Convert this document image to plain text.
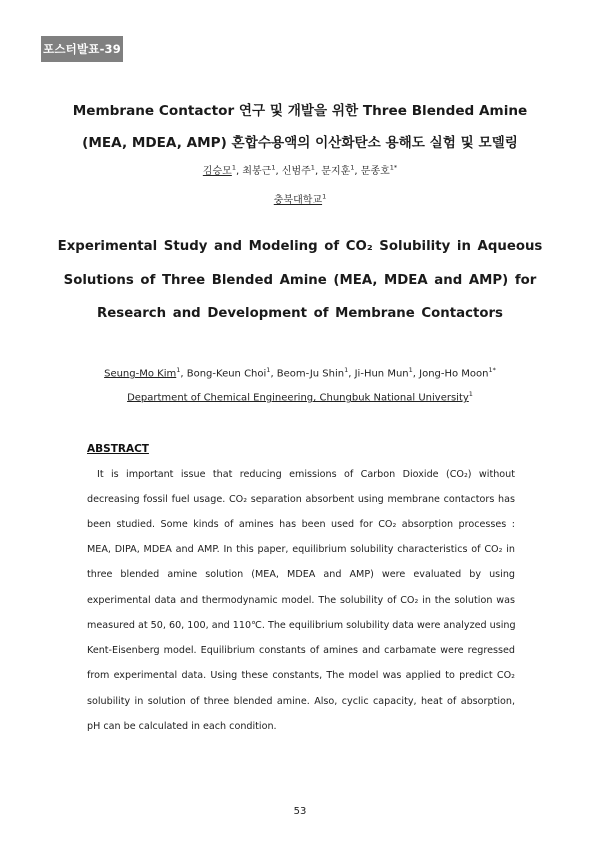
포스터발표-39
Membrane Contactor 연구 및 개발을 위한 Three Blended Amine
(MEA, MDEA, AMP) 혼합수용액의 이산화탄소 용해도 실험 및 모델링
김승모$^1$, 최봉근$^1$, 신범주$^1$, 문지훈$^1$, 문종호$^{1*}$
충북대학교$^1$
Experimental Study and Modeling of CO₂ Solubility in Aqueous
Solutions of Three Blended Amine (MEA, MDEA and AMP) for
Research and Development of Membrane Contactors
Seung-Mo Kim$^1$, Bong-Keun Choi$^1$, Beom-Ju Shin$^1$, Ji-Hun Mun$^1$, Jong-Ho Moon$^{1*}$
Department of Chemical Engineering, Chungbuk National University$^1$
ABSTRACT
It is important issue that reducing emissions of Carbon Dioxide (CO₂) without
decreasing fossil fuel usage. CO₂ separation absorbent using membrane contactors has
been studied. Some kinds of amines has been used for CO₂ absorption processes :
MEA, DIPA, MDEA and AMP. In this paper, equilibrium solubility characteristics of CO₂ in
three blended amine solution (MEA, MDEA and AMP) were evaluated by using
experimental data and thermodynamic model. The solubility of CO₂ in the solution was
measured at 50, 60, 100, and 110℃. The equilibrium solubility data were analyzed using
Kent-Eisenberg model. Equilibrium constants of amines and carbamate were regressed
from experimental data. Using these constants, The model was applied to predict CO₂
solubility in solution of three blended amine. Also, cyclic capacity, heat of absorption,
pH can be calculated in each condition.
53
